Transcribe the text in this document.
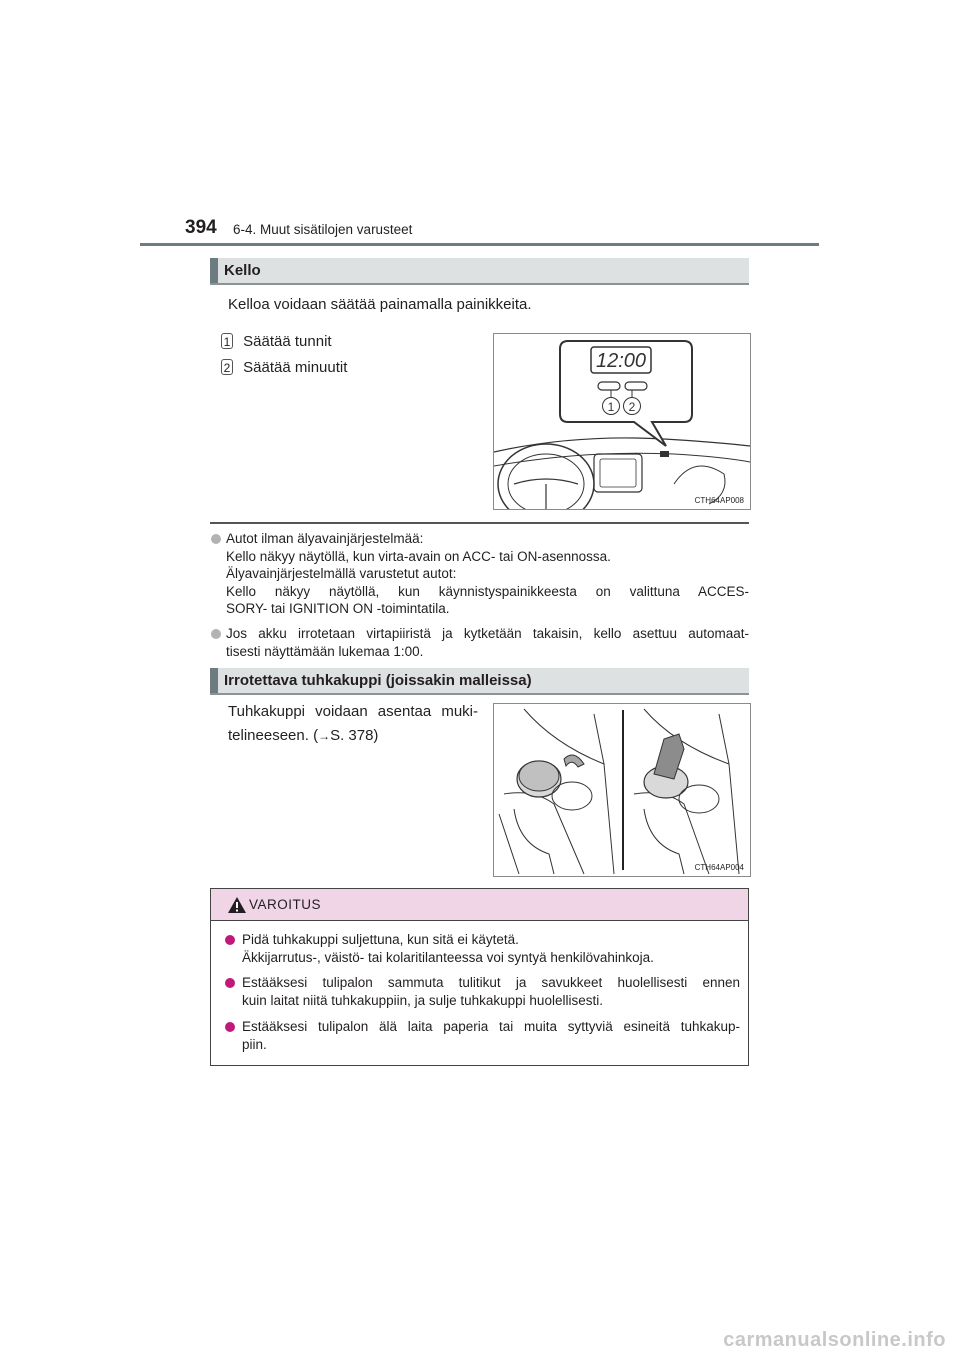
394 6-4. Muut sisätilojen varusteet
Kello
Kelloa voidaan säätää painamalla painikkeita.
1 Säätää tunnit
2 Säätää minuutit	12:00
1 2
CTH64AP008
Autot ilman älyavainjärjestelmää:
Kello näkyy näytöllä, kun virta-avain on ACC- tai ON-asennossa.
Älyavainjärjestelmällä varustetut autot:
Kello näkyy näytöllä, kun käynnistyspainikkeesta on valittuna ACCES-
SORY- tai IGNITION ON -toimintatila.
Jos akku irrotetaan virtapiiristä ja kytketään takaisin, kello asettuu automaat-
tisesti näyttämään lukemaa 1:00.
Irrotettava tuhkakuppi (joissakin malleissa)
Tuhkakuppi voidaan asentaa muki-
telineeseen. (→S. 378)
CTH64AP004
VAROITUS
Pidä tuhkakuppi suljettuna, kun sitä ei käytetä.
Äkkijarrutus-, väistö- tai kolaritilanteessa voi syntyä henkilövahinkoja.
Estääksesi tulipalon sammuta tulitikut ja savukkeet huolellisesti ennen
kuin laitat niitä tuhkakuppiin, ja sulje tuhkakuppi huolellisesti.
Estääksesi tulipalon älä laita paperia tai muita syttyviä esineitä tuhkakup-
piin.
carmanualsonline.info
